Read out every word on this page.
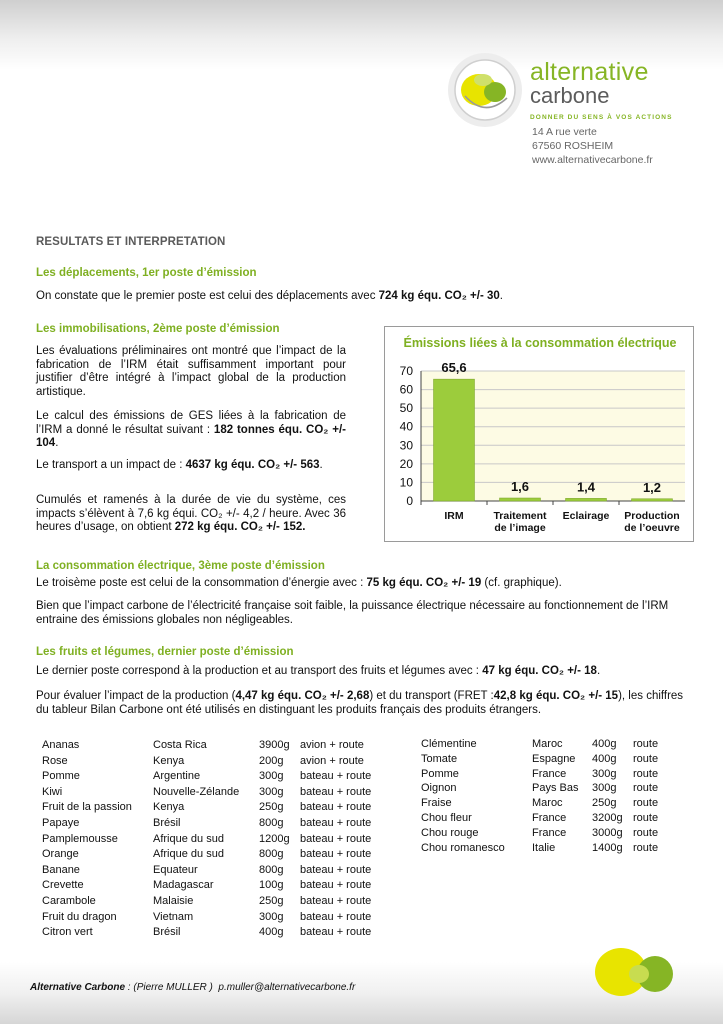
alternative
carbone
DONNER DU SENS À VOS ACTIONS
14 A rue verte
67560 ROSHEIM
www.alternativecarbone.fr
RESULTATS ET INTERPRETATION
Les déplacements, 1er poste d’émission
On constate que le premier poste est celui des déplacements avec 724 kg équ. CO₂ +/- 30.
Les immobilisations, 2ème poste d’émission
Les évaluations préliminaires ont montré que l’impact de la fabrication de l’IRM était suffisamment important pour justifier d’être intégré à l’impact global de la production artistique.
Le calcul des émissions de GES liées à la fabrication de l’IRM a donné le résultat suivant : 182 tonnes équ. CO₂ +/- 104.
Le transport a un impact de : 4637 kg équ. CO₂ +/- 563.
Cumulés et ramenés à la durée de vie du système, ces impacts s’élèvent à 7,6 kg équi. CO₂ +/- 4,2 / heure. Avec 36 heures d’usage, on obtient 272 kg équ. CO₂ +/- 152.
Émissions liées à la consommation électrique
0
10
20
30
40
50
60
70 65,6
IRM
1,6
Traitement de l’image
1,4
Eclairage
1,2
Production de l’oeuvre
La consommation électrique, 3ème poste d’émission
Le troisème poste est celui de la consommation d’énergie avec : 75 kg équ. CO₂ +/- 19 (cf. graphique).
Bien que l’impact carbone de l’électricité française soit faible, la puissance électrique nécessaire au fonctionnement de l’IRM entraine des émissions globales non négligeables.
Les fruits et légumes, dernier poste d’émission
Le dernier poste correspond à la production et au transport des fruits et légumes avec : 47 kg équ. CO₂ +/- 18.
Pour évaluer l’impact de la production (4,47 kg équ. CO₂ +/- 2,68) et du transport (FRET :42,8 kg équ. CO₂ +/- 15), les chiffres du tableur Bilan Carbone ont été utilisés en distinguant les produits français des produits étrangers.
Ananas	Costa Rica	3900g avion + route
Rose	Kenya	200g avion + route
Pomme	Argentine	300g bateau + route
Kiwi	Nouvelle-Zélande 300g bateau + route
Fruit de la passion Kenya	250g bateau + route
Papaye	Brésil	800g bateau + route
Pamplemousse	Afrique du sud	1200g bateau + route
Orange	Afrique du sud	800g bateau + route
Banane	Equateur	800g bateau + route
Crevette	Madagascar	100g bateau + route
Carambole	Malaisie	250g bateau + route
Fruit du dragon	Vietnam	300g bateau + route
Citron vert	Brésil	400g bateau + route
Clémentine	Maroc	400g route
Tomate	Espagne 400g route
Pomme	France 300g route
Oignon	Pays Bas 300g route
Fraise	Maroc	250g route
Chou fleur	France 3200g route
Chou rouge	France 3000g route
Chou romanesco Italie	1400g route
Alternative Carbone : (Pierre MULLER ) p.muller@alternativecarbone.fr
